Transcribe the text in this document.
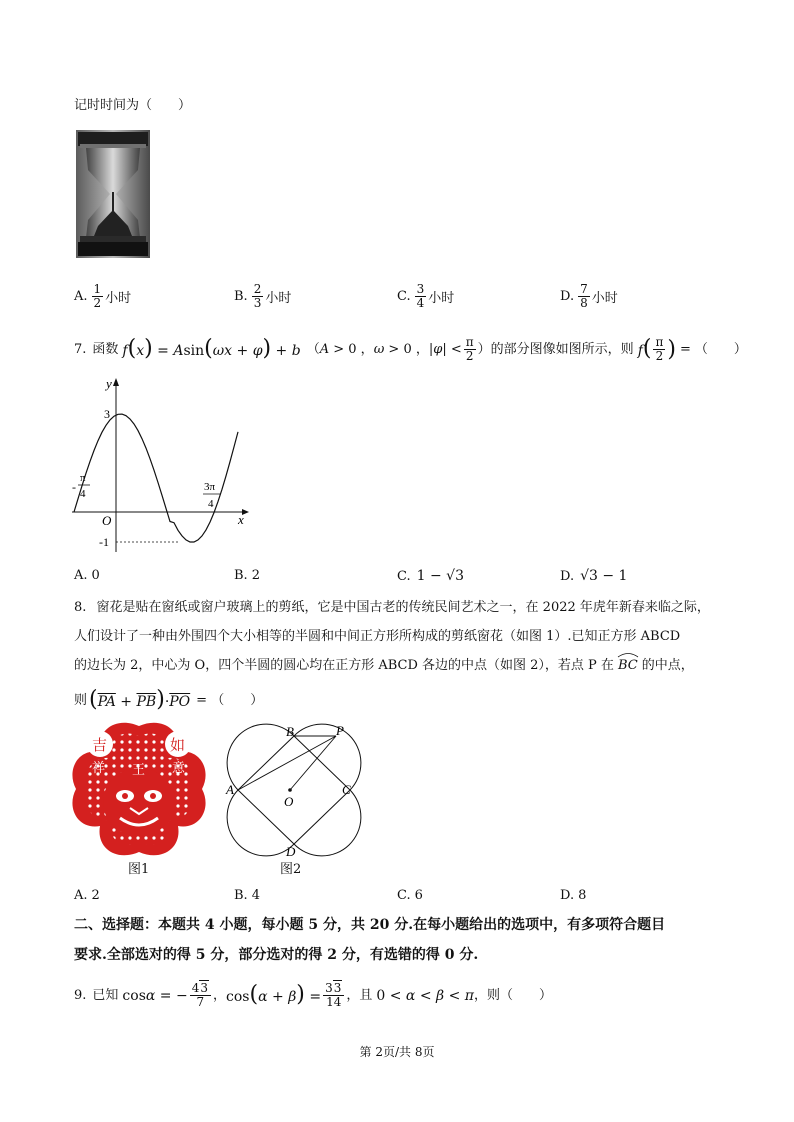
记时时间为（　　）
A. $\frac{1}{2}$ 小时	B. $\frac{2}{3}$ 小时	C. $\frac{3}{4}$ 小时	D. $\frac{7}{8}$ 小时
7. 函数 f(x) = Asin(ωx + φ) + b （A > 0 ，ω > 0 ，$|\varphi| < \frac{\pi}{2}$ ） 的部分图像如图所示，则 $f( \frac{\pi}{2}$ ) = （　　）
y
x
O
3
-1
-
π
4
3π
4
A. 0	B. 2	C. 1 − √3	D. √3 − 1
8. 窗花是贴在窗纸或窗户玻璃上的剪纸，它是中国古老的传统民间艺术之一，在 2022 年虎年新春来临之际，
人们设计了一种由外围四个大小相等的半圆和中间正方形所构成的剪纸窗花（如图 1）.已知正方形 ABCD
的边长为 2，中心为 O，四个半圆的圆心均在正方形 ABCD 各边的中点（如图 2），若点 P 在 BC 的中点，
则 $(\overline{PA} + \overline{PB})\cdot\overline{PO}$ = （　　）
吉	如
祥 王 意
图1
B	P
A
O
C
D
图2
A. 2	B. 4	C. 6	D. 8
二、选择题：本题共 4 小题，每小题 5 分，共 20 分.在每小题给出的选项中，有多项符合题目
要求.全部选对的得 5 分，部分选对的得 2 分，有选错的得 0 分.
9. 已知 cosα = − $\frac{43}{7}$ ， $\cos(\alpha + \beta) = \frac{33}{14}$ ，且 0 < α < β < π ，则（　　）
第 2页/共 8页
